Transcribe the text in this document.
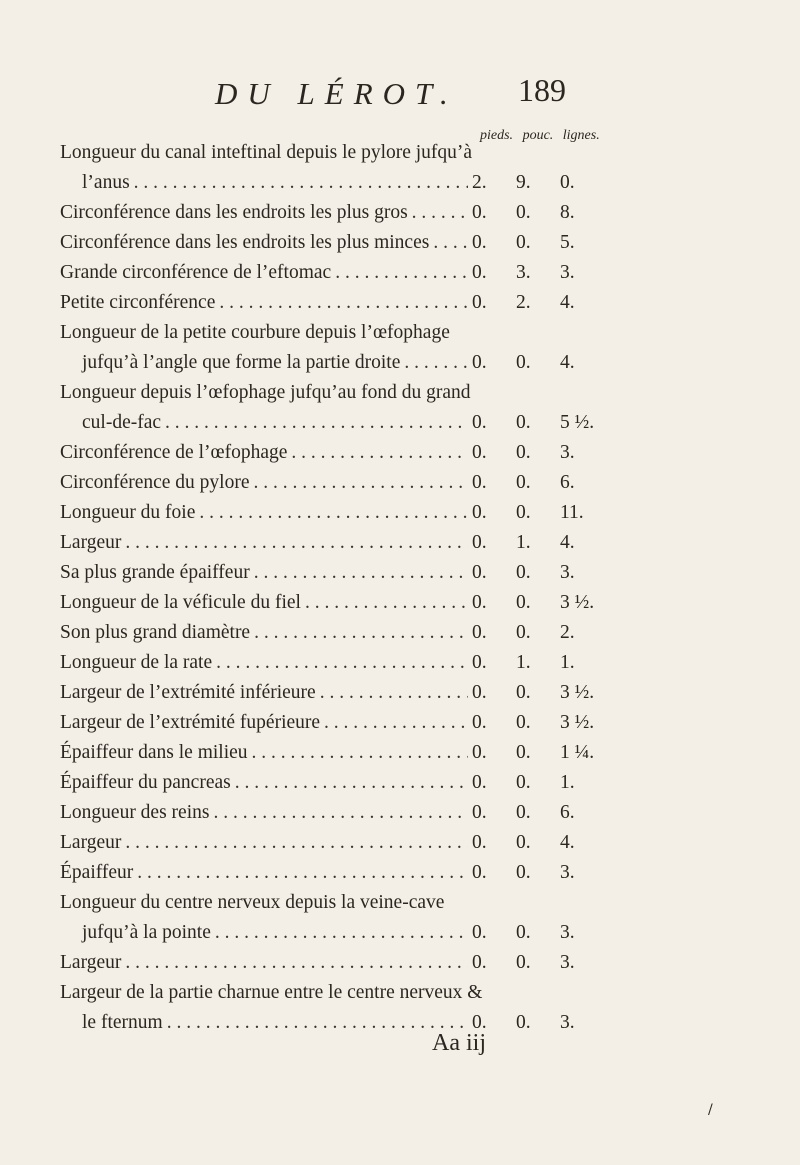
DU LÉROT. 189
pieds. pouc. lignes.
Longueur du canal inteftinal depuis le pylore jufqu’à
l’anus . . .	2.	9.	0.
Circonférence dans les endroits les plus gros . . .	0.	0.	8.
Circonférence dans les endroits les plus minces . . . 0.	0.	5.
Grande circonférence de l’eftomac . . .	0.	3.	3.
Petite circonférence . . .	0.	2.	4.
Longueur de la petite courbure depuis l’œfophage
jufqu’à l’angle que forme la partie droite . . .	0.	0.	4.
Longueur depuis l’œfophage jufqu’au fond du grand
cul-de-fac . . .	0.	0.	5 ½.
Circonférence de l’œfophage . . .	0.	0.	3.
Circonférence du pylore . . .	0.	0.	6.
Longueur du foie . . .	0.	0.	11.
Largeur . . .	0.	1.	4.
Sa plus grande épaiffeur . . .	0.	0.	3.
Longueur de la véficule du fiel . . .	0.	0.	3 ½.
Son plus grand diamètre . . .	0.	0.	2.
Longueur de la rate . . .	0.	1.	1.
Largeur de l’extrémité inférieure . . .	0.	0.	3 ½.
Largeur de l’extrémité fupérieure . . .	0.	0.	3 ½.
Épaiffeur dans le milieu . . .	0.	0.	1 ¼.
Épaiffeur du pancreas . . .	0.	0.	1.
Longueur des reins . . .	0.	0.	6.
Largeur . . .	0.	0.	4.
Épaiffeur . . .	0.	0.	3.
Longueur du centre nerveux depuis la veine-cave
jufqu’à la pointe . . .	0.	0.	3.
Largeur . . .	0.	0.	3.
Largeur de la partie charnue entre le centre nerveux &
le fternum . . .	0.	0.	3.
Aa iij
/
